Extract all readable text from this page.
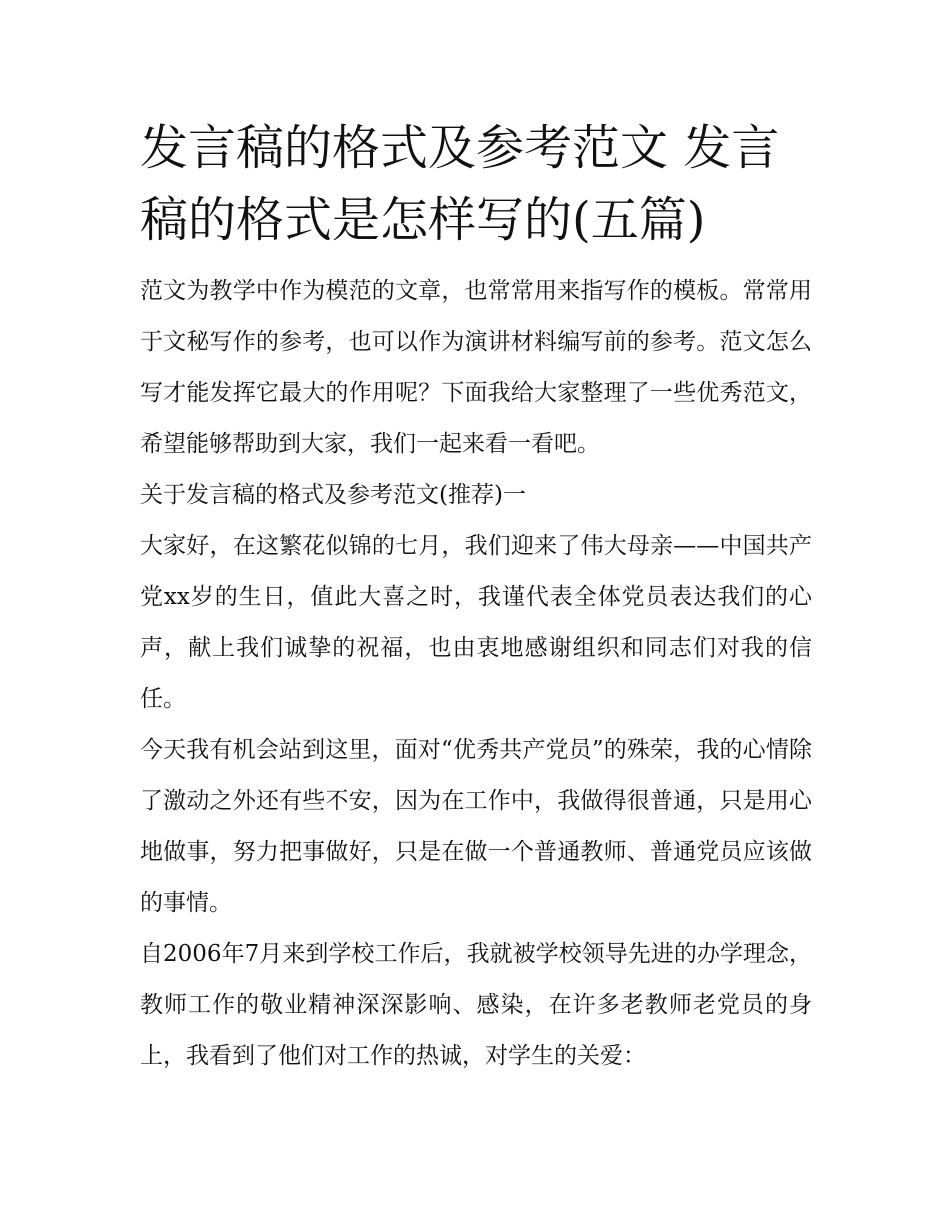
发言稿的格式及参考范文 发言稿的格式是怎样写的(五篇)

范文为教学中作为模范的文章，也常常用来指写作的模板。常常用于文秘写作的参考，也可以作为演讲材料编写前的参考。范文怎么写才能发挥它最大的作用呢？下面我给大家整理了一些优秀范文，希望能够帮助到大家，我们一起来看一看吧。

关于发言稿的格式及参考范文(推荐)一

大家好，在这繁花似锦的七月，我们迎来了伟大母亲——中国共产党xx岁的生日，值此大喜之时，我谨代表全体党员表达我们的心声，献上我们诚挚的祝福，也由衷地感谢组织和同志们对我的信任。

今天我有机会站到这里，面对“优秀共产党员”的殊荣，我的心情除了激动之外还有些不安，因为在工作中，我做得很普通，只是用心地做事，努力把事做好，只是在做一个普通教师、普通党员应该做的事情。

自2006年7月来到学校工作后，我就被学校领导先进的办学理念，教师工作的敬业精神深深影响、感染，在许多老教师老党员的身上，我看到了他们对工作的热诚，对学生的关爱：
